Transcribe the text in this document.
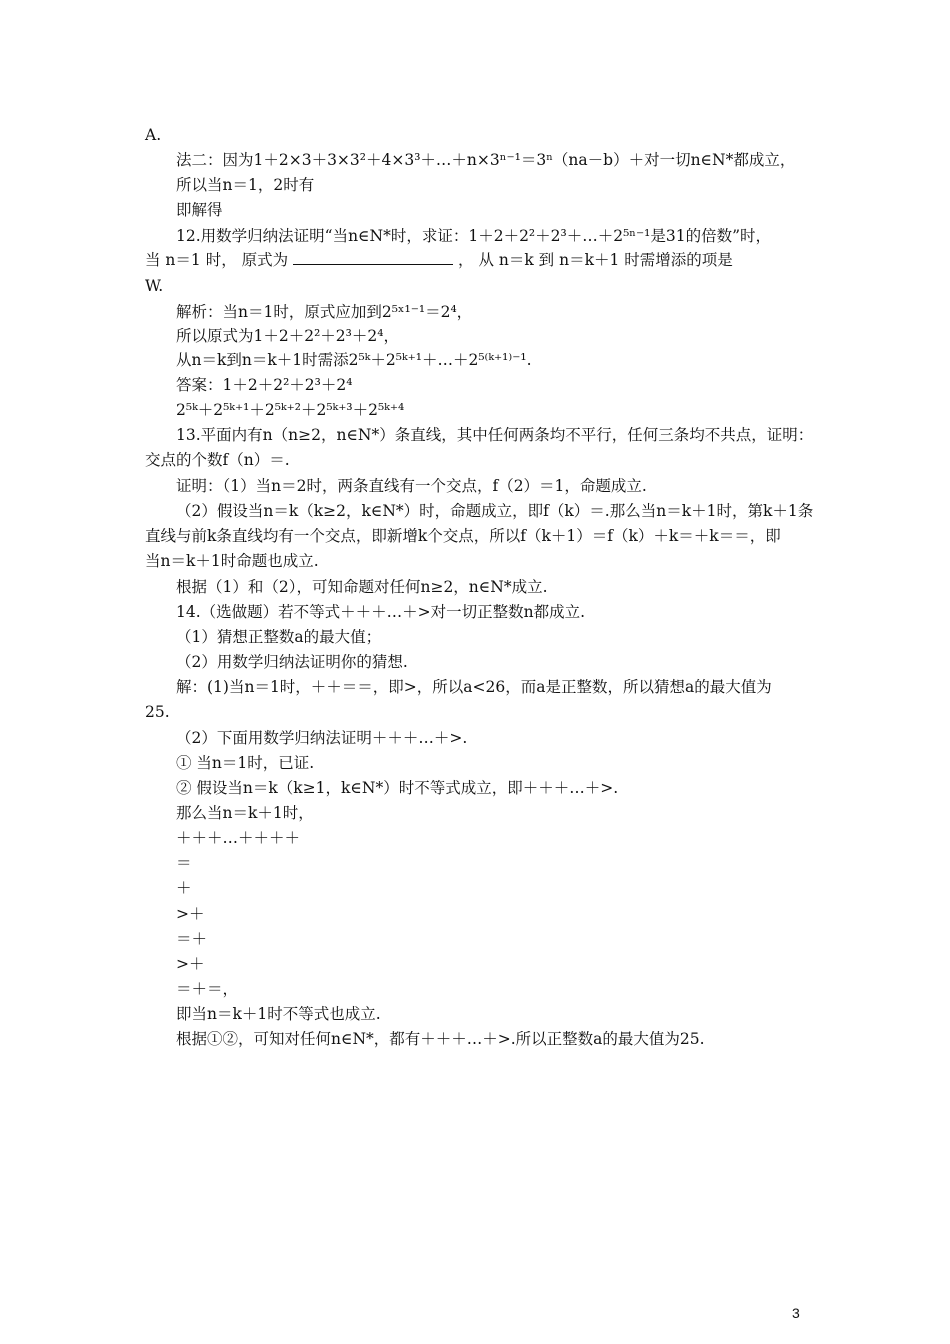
A.
法二：因为1＋2×3＋3×3²＋4×3³＋…＋n×3ⁿ⁻¹＝3ⁿ（na－b）＋对一切n∈N*都成立，
所以当n＝1，2时有
即解得
12.用数学归纳法证明“当n∈N*时，求证：1＋2＋2²＋2³＋…＋2⁵ⁿ⁻¹是31的倍数”时，
当 n＝1 时， 原式为	， 从 n＝k 到 n＝k＋1 时需增添的项是
W.
解析：当n＝1时，原式应加到2⁵ˣ¹⁻¹＝2⁴，
所以原式为1＋2＋2²＋2³＋2⁴，
从n＝k到n＝k＋1时需添2⁵ᵏ＋2⁵ᵏ⁺¹＋…＋2⁵⁽ᵏ⁺¹⁾⁻¹.
答案：1＋2＋2²＋2³＋2⁴
2⁵ᵏ＋2⁵ᵏ⁺¹＋2⁵ᵏ⁺²＋2⁵ᵏ⁺³＋2⁵ᵏ⁺⁴
13.平面内有n（n≥2，n∈N*）条直线，其中任何两条均不平行，任何三条均不共点，证明：
交点的个数f（n）＝.
证明：（1）当n＝2时，两条直线有一个交点，f（2）＝1，命题成立.
（2）假设当n＝k（k≥2，k∈N*）时，命题成立，即f（k）＝.那么当n＝k＋1时，第k＋1条
直线与前k条直线均有一个交点，即新增k个交点，所以f（k＋1）＝f（k）＋k＝＋k＝＝，即
当n＝k＋1时命题也成立.
根据（1）和（2），可知命题对任何n≥2，n∈N*成立.
14.（选做题）若不等式＋＋＋…＋>对一切正整数n都成立.
（1）猜想正整数a的最大值；
（2）用数学归纳法证明你的猜想.
解：(1)当n＝1时，＋＋＝＝，即>，所以a<26，而a是正整数，所以猜想a的最大值为
25.
（2）下面用数学归纳法证明＋＋＋…＋>.
① 当n＝1时，已证.
② 假设当n＝k（k≥1，k∈N*）时不等式成立，即＋＋＋…＋>.
那么当n＝k＋1时，
＋＋＋…＋＋＋＋
＝
＋
>＋
＝＋
>＋
＝＋＝，
即当n＝k＋1时不等式也成立.
根据①②，可知对任何n∈N*，都有＋＋＋…＋>.所以正整数a的最大值为25.
3
